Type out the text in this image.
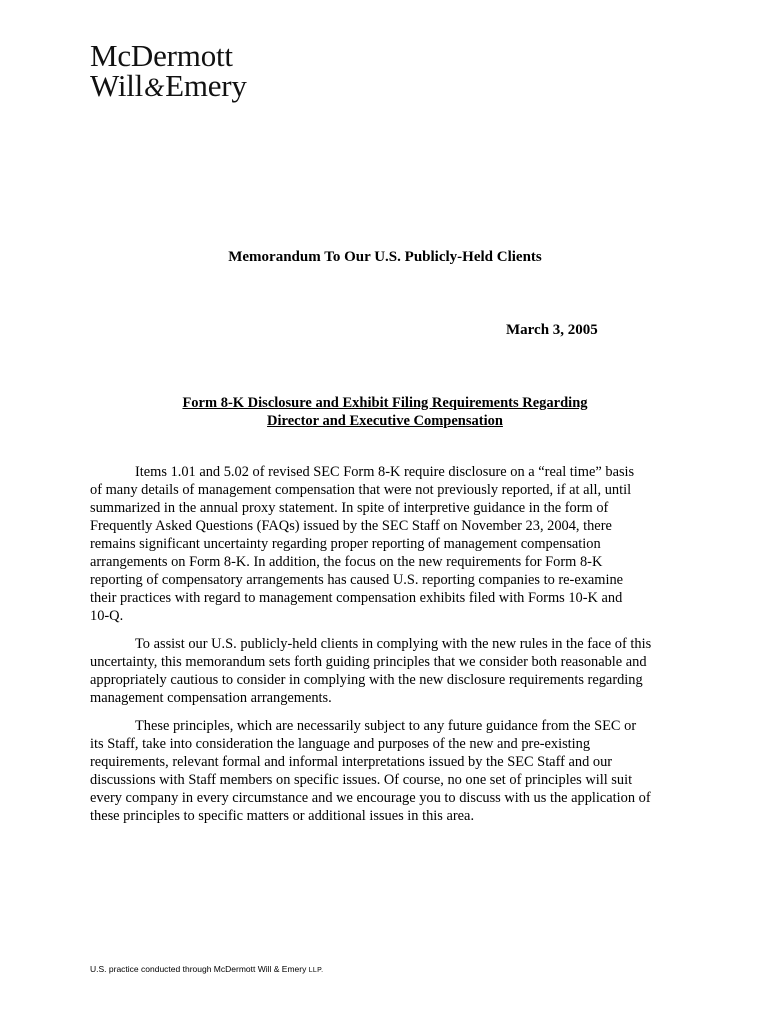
McDermott
Will&Emery
Memorandum To Our U.S. Publicly-Held Clients
March 3, 2005
Form 8-K Disclosure and Exhibit Filing Requirements Regarding
Director and Executive Compensation

Items 1.01 and 5.02 of revised SEC Form 8-K require disclosure on a “real time” basis
of many details of management compensation that were not previously reported, if at all, until
summarized in the annual proxy statement. In spite of interpretive guidance in the form of
Frequently Asked Questions (FAQs) issued by the SEC Staff on November 23, 2004, there
remains significant uncertainty regarding proper reporting of management compensation
arrangements on Form 8-K. In addition, the focus on the new requirements for Form 8-K
reporting of compensatory arrangements has caused U.S. reporting companies to re-examine
their practices with regard to management compensation exhibits filed with Forms 10-K and
10-Q.

To assist our U.S. publicly-held clients in complying with the new rules in the face of this
uncertainty, this memorandum sets forth guiding principles that we consider both reasonable and
appropriately cautious to consider in complying with the new disclosure requirements regarding
management compensation arrangements.

These principles, which are necessarily subject to any future guidance from the SEC or
its Staff, take into consideration the language and purposes of the new and pre-existing
requirements, relevant formal and informal interpretations issued by the SEC Staff and our
discussions with Staff members on specific issues. Of course, no one set of principles will suit
every company in every circumstance and we encourage you to discuss with us the application of
these principles to specific matters or additional issues in this area.

U.S. practice conducted through McDermott Will & Emery LLP.
